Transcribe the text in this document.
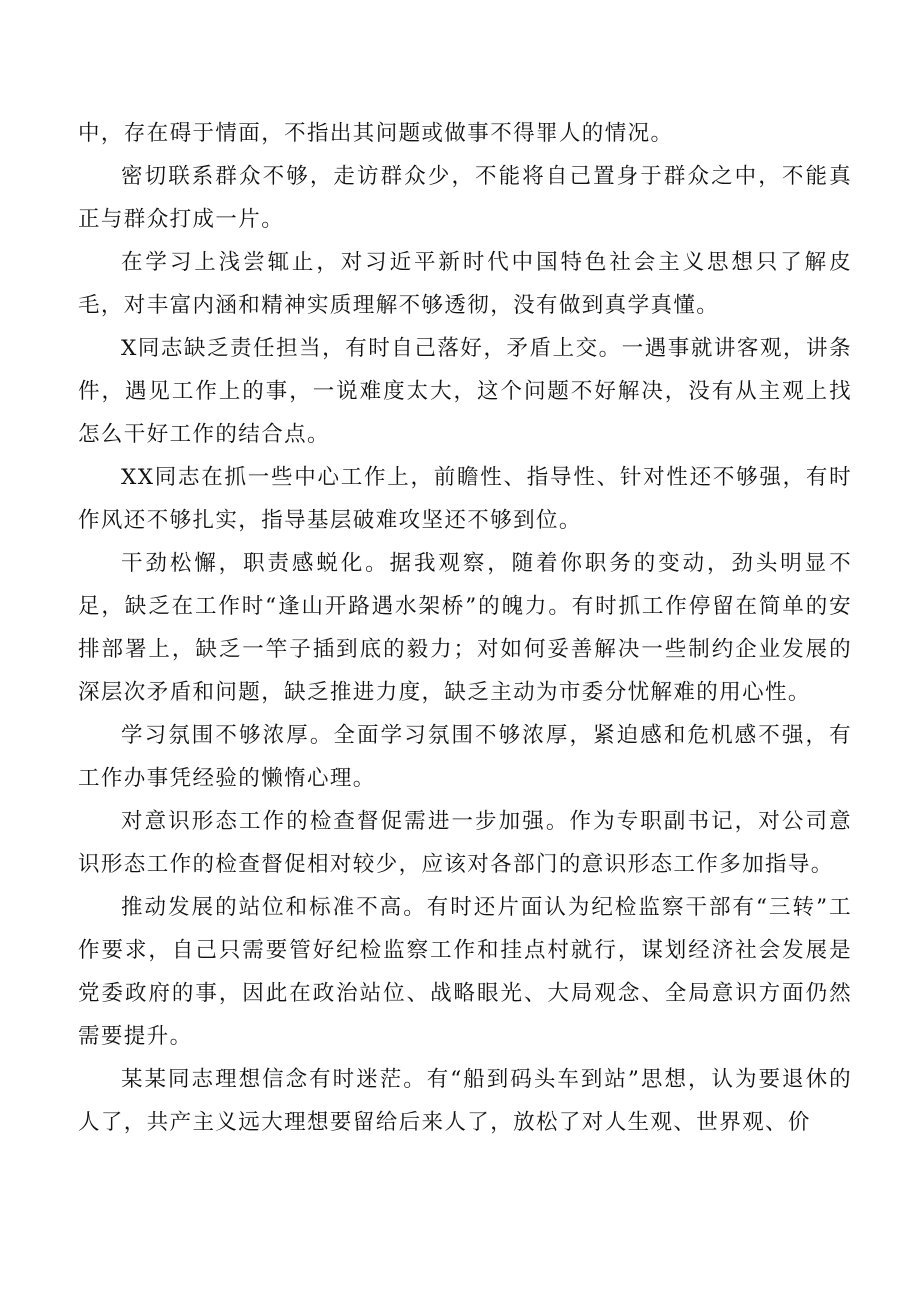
中，存在碍于情面，不指出其问题或做事不得罪人的情况。

密切联系群众不够，走访群众少，不能将自己置身于群众之中，不能真正与群众打成一片。

在学习上浅尝辄止，对习近平新时代中国特色社会主义思想只了解皮毛，对丰富内涵和精神实质理解不够透彻，没有做到真学真懂。

X同志缺乏责任担当，有时自己落好，矛盾上交。一遇事就讲客观，讲条件，遇见工作上的事，一说难度太大，这个问题不好解决，没有从主观上找怎么干好工作的结合点。

XX同志在抓一些中心工作上，前瞻性、指导性、针对性还不够强，有时作风还不够扎实，指导基层破难攻坚还不够到位。

干劲松懈，职责感蜕化。据我观察，随着你职务的变动，劲头明显不足，缺乏在工作时“逢山开路遇水架桥”的魄力。有时抓工作停留在简单的安排部署上，缺乏一竿子插到底的毅力；对如何妥善解决一些制约企业发展的深层次矛盾和问题，缺乏推进力度，缺乏主动为市委分忧解难的用心性。

学习氛围不够浓厚。全面学习氛围不够浓厚，紧迫感和危机感不强，有工作办事凭经验的懒惰心理。

对意识形态工作的检查督促需进一步加强。作为专职副书记，对公司意识形态工作的检查督促相对较少，应该对各部门的意识形态工作多加指导。

推动发展的站位和标准不高。有时还片面认为纪检监察干部有“三转”工作要求，自己只需要管好纪检监察工作和挂点村就行，谋划经济社会发展是党委政府的事，因此在政治站位、战略眼光、大局观念、全局意识方面仍然需要提升。

某某同志理想信念有时迷茫。有“船到码头车到站”思想，认为要退休的人了，共产主义远大理想要留给后来人了，放松了对人生观、世界观、价
